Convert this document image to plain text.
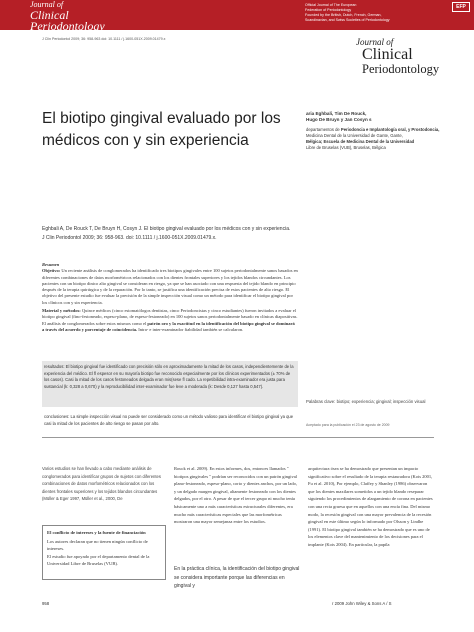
Journal of
Clinical
Periodontology
Official Journal of The European
Federation of Periodontology
Founded by the British, Dutch, French, German,
Scandinavian, and Swiss Societies of Periodontology
EFP
J Clin Periodontol 2009; 36: 958-963 doi: 10.1111 / j.1600-051X.2009.01479.x	Journal of
Clinical
Periodontology
El biotipo gingival evaluado por los médicos con y sin experiencia
aria Eghbali, Tim De Rouck,
Hugo De Bruyn y Jan Cosyn s
departamentos de Periodoncia e Implantología oral, y Prostodoncia,
Medicina Dental de la Universidad de Gante, Gante,
Bélgica; Escuela de Medicina Dental de la Universidad
Libre de Bruselas (VUB), Bruselas, Bélgica
Eghbali A, De Rouck T, De Bruyn H, Cosyn J. El biotipo gingival evaluado por los médicos con y sin experiencia. J Clin Periodontol 2009; 36: 958-963. doi: 10.1111 / j.1600-051X.2009.01479.x.
Resumen

Objetivo: Un reciente análisis de conglomerados ha identificado tres biotipos gingivales entre 100 sujetos periodontalmente sanos basados en diferentes combinaciones de datos morfométricos relacionados con los dientes frontales superiores y los tejidos blandos circundantes. Los pacientes con un biotipo dinico alto gingival se consideran en riesgo, ya que se han asociado con una respuesta del tejido blando en principio después de la terapia quirúrgica y de la reparación. Por lo tanto, se justifica una identificación precisa de estos pacientes de alto riesgo. El objetivo del presente estudio fue evaluar la precisión de la simple inspección visual como un método para identificar el biotipo gingival por los clínicos con y sin experiencia.

Material y métodos: Quince médicos (cinco estomatólogos dentistas, cinco Periodoncistas y cinco estudiantes) fueron invitados a evaluar el biotipo gingival (fino-festoneado, espeso-plano, de espeso-festoneado) en 100 sujetos sanos periodontalmente basado en clínicas diapositivas. El análisis de conglomerados sobre estos mismos como el patrón oro y la exactitud en la identificación del biotipo gingival se dominará a través del acuerdo y porcentaje de coincidencia. Intra- e inter-examinador fiabilidad también se calcularon.

resultados: El biotipo gingival fue identificado con precisión sólo en aproximadamente la mitad de los casos, independientemente de la experiencia del médico. El fl espesor en su mayoría biotipo fue reconocido especialmente por los clínicos experimentados (± 70% de los casos). Casi la mitad de los casos festoneados delgada eran mis(sese fl cado. La repetibilidad intra-examinador era justa para sustancial (k: 0,328 a 0,670) y la reproducibilidad inter-examinador fue leve a moderada (k: Desde 0,127 hasta 0,547).
conclusiones: La simple inspección visual no puede ser considerado como un método valioso para identificar el biotipo gingival ya que casi la mitad de los pacientes de alto riesgo se pasan por alto.
Palabras clave: biotipo; experiencia; gingival; inspección visual
Aceptado para la publicación el 23 de agosto de 2009
Varios estudios se han llevado a cabo mediante análisis de conglomerados para identificar grupos de sujetos con diferentes combinaciones de datos morfométricos relacionados con los dientes frontales superiores y los tejidos blandos circundantes (Müller & Eger 1997, Müller et al., 2000, De
El conflicto de intereses y la fuente de financiación

Los autores declaran que no tienen ningún conflicto de intereses.

El estudio fue apoyado por el departamento dental de la Universidad Libre de Bruselas (VUB).

Rouck et al. 2009). En estos informes, dos, entonces llamados " biotipos gingivales " podrían ser reconocidos con un patrón gingival plano-festoneado, espeso-plano, corto y dientes anchos, por un lado, y un delgado margen gingival, altamente festoneado con los dientes delgados, por el otro. A pesar de que el tercer grupo ni mucho tenía básicamente uno a más características estructurales diferentes, era mucho más características especiales que las morfométricas mostraron una mayor semejanza entre los estudios.
En la práctica clínica, la identificación del biotipo gingival se considera importante porque las diferencias en gingival y
arquitectura ósea se ha demostrado que presentan un impacto significativo sobre el resultado de la terapia restauradora (Kois 2001, Fu et al. 2010), Por ejemplo, Claffey y Shanley (1986) observaron que los dientes maxilares sometidos a un tejido blando reseparar siguiendo los procedimientos de alargamiento de corona en pacientes con una recta gruesa que en aquellos con una encía fina. Del mismo modo, la recesión gingival con una mayor prevalencia de la recesión gingival en este último según lo informado por Olsson y Lindhe (1991). El biotipo gingival también se ha demostrado que es uno de los elementos clave del mantenimiento de los decisiones para el implante (Kois 2004). En particular, la papila
958	r 2009 John Wiley & Sons A / S
